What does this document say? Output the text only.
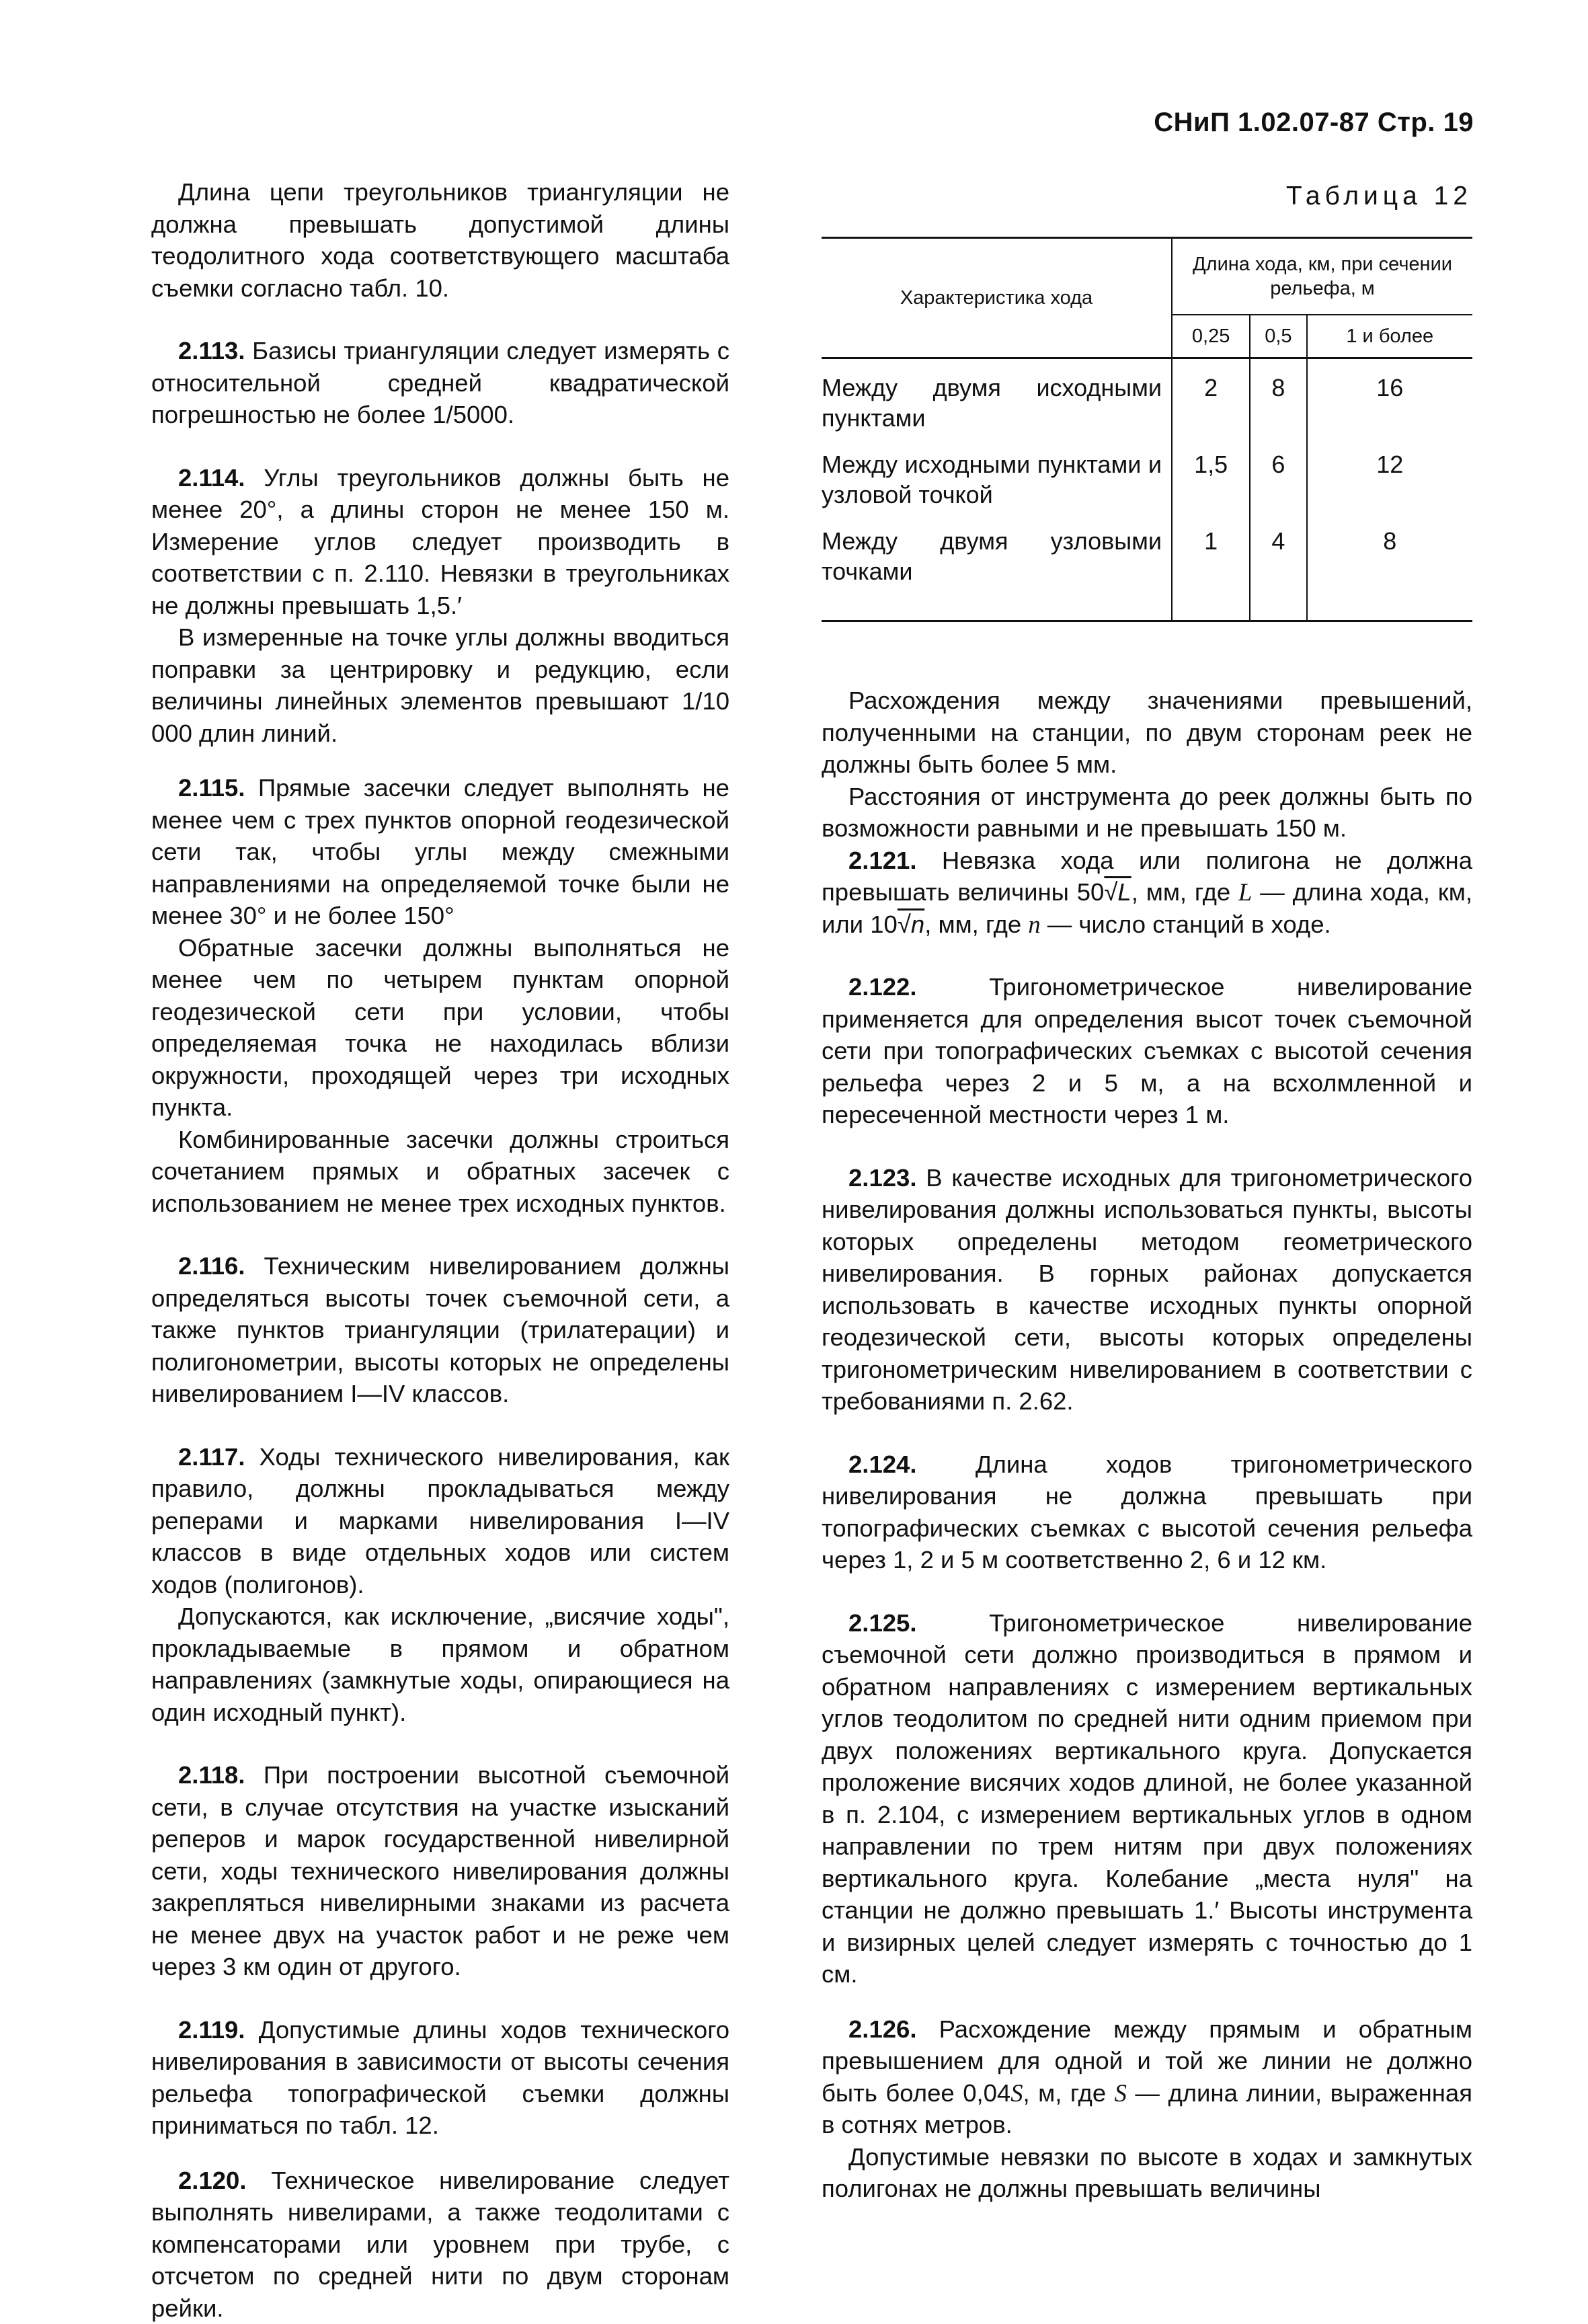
СНиП 1.02.07-87 Стр. 19

Длина цепи треугольников триангуляции не должна превышать допустимой длины теодолитного хода соответствующего масштаба съемки согласно табл. 10.

2.113. Базисы триангуляции следует измерять с относительной средней квадратической погрешностью не более 1/5000.

2.114. Углы треугольников должны быть не менее 20°, а длины сторон не менее 150 м. Измерение углов следует производить в соответствии с п. 2.110. Невязки в треугольниках не должны превышать 1,5.′

В измеренные на точке углы должны вводиться поправки за центрировку и редукцию, если величины линейных элементов превышают 1/10 000 длин линий.

2.115. Прямые засечки следует выполнять не менее чем с трех пунктов опорной геодезической сети так, чтобы углы между смежными направлениями на определяемой точке были не менее 30° и не более 150°

Обратные засечки должны выполняться не менее чем по четырем пунктам опорной геодезической сети при условии, чтобы определяемая точка не находилась вблизи окружности, проходящей через три исходных пункта.

Комбинированные засечки должны строиться сочетанием прямых и обратных засечек с использованием не менее трех исходных пунктов.

2.116. Техническим нивелированием должны определяться высоты точек съемочной сети, а также пунктов триангуляции (трилатерации) и полигонометрии, высоты которых не определены нивелированием I—IV классов.

2.117. Ходы технического нивелирования, как правило, должны прокладываться между реперами и марками нивелирования I—IV классов в виде отдельных ходов или систем ходов (полигонов).

Допускаются, как исключение, „висячие ходы", прокладываемые в прямом и обратном направлениях (замкнутые ходы, опирающиеся на один исходный пункт).

2.118. При построении высотной съемочной сети, в случае отсутствия на участке изысканий реперов и марок государственной нивелирной сети, ходы технического нивелирования должны закрепляться нивелирными знаками из расчета не менее двух на участок работ и не реже чем через 3 км один от другого.

2.119. Допустимые длины ходов технического нивелирования в зависимости от высоты сечения рельефа топографической съемки должны приниматься по табл. 12.

2.120. Техническое нивелирование следует выполнять нивелирами, а также теодолитами с компенсаторами или уровнем при трубе, с отсчетом по средней нити по двум сторонам рейки.

Таблица 12
Характеристика хода	Длина хода, км, при сечении рельефа, м		
	0,25	0,5	1 и более
Между двумя исходными пунктами	2	8	16
Между исходными пунктами и узловой точкой	1,5	6	12
Между двумя узловыми точками	1	4	8

Расхождения между значениями превышений, полученными на станции, по двум сторонам реек не должны быть более 5 мм.

Расстояния от инструмента до реек должны быть по возможности равными и не превышать 150 м.

2.121. Невязка хода или полигона не должна превышать величины 50√L, мм, где L — длина хода, км, или 10√n, мм, где n — число станций в ходе.

2.122. Тригонометрическое нивелирование применяется для определения высот точек съемочной сети при топографических съемках с высотой сечения рельефа через 2 и 5 м, а на всхолмленной и пересеченной местности через 1 м.

2.123. В качестве исходных для тригонометрического нивелирования должны использоваться пункты, высоты которых определены методом геометрического нивелирования. В горных районах допускается использовать в качестве исходных пункты опорной геодезической сети, высоты которых определены тригонометрическим нивелированием в соответствии с требованиями п. 2.62.

2.124. Длина ходов тригонометрического нивелирования не должна превышать при топографических съемках с высотой сечения рельефа через 1, 2 и 5 м соответственно 2, 6 и 12 км.

2.125. Тригонометрическое нивелирование съемочной сети должно производиться в прямом и обратном направлениях с измерением вертикальных углов теодолитом по средней нити одним приемом при двух положениях вертикального круга. Допускается проложение висячих ходов длиной, не более указанной в п. 2.104, с измерением вертикальных углов в одном направлении по трем нитям при двух положениях вертикального круга. Колебание „места нуля" на станции не должно превышать 1.′ Высоты инструмента и визирных целей следует измерять с точностью до 1 см.

2.126. Расхождение между прямым и обратным превышением для одной и той же линии не должно быть более 0,04S, м, где S — длина линии, выраженная в сотнях метров.

Допустимые невязки по высоте в ходах и замкнутых полигонах не должны превышать величины
